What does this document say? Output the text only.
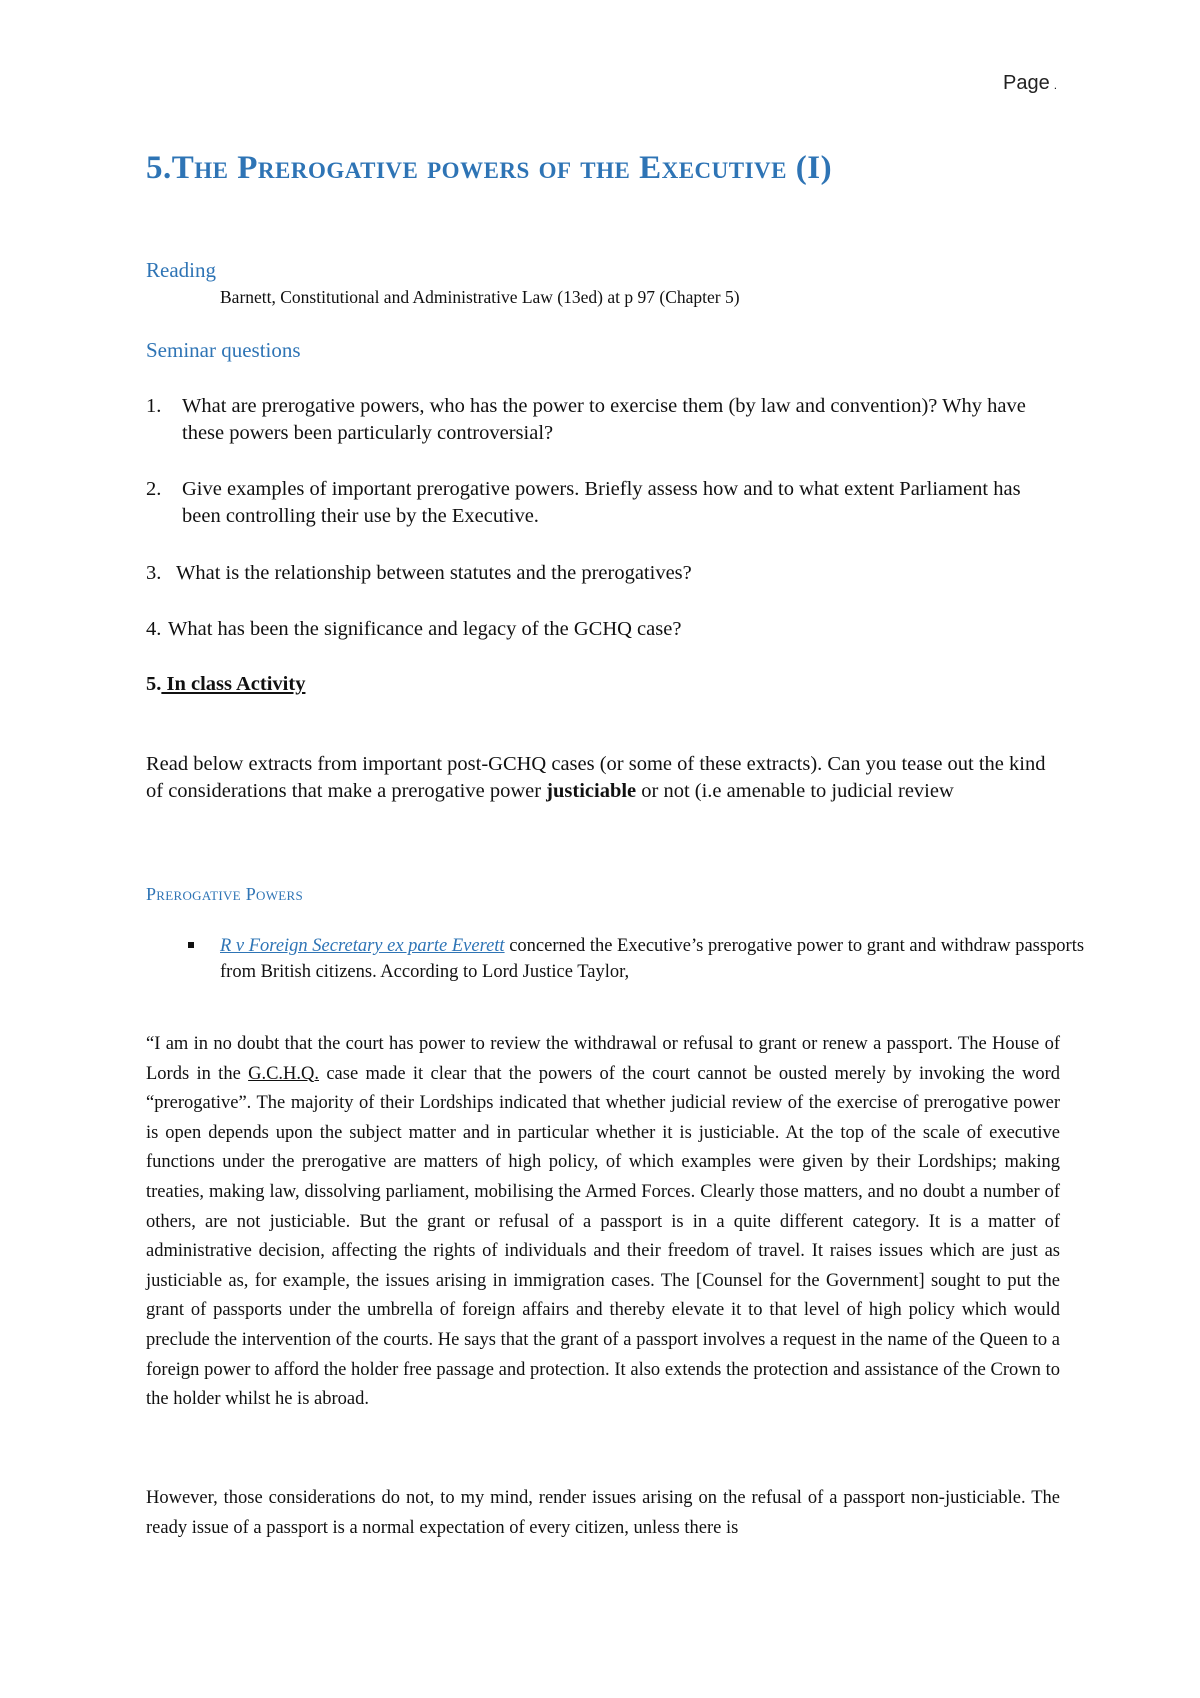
Page .
5.The Prerogative powers of the Executive (I)
Reading
Barnett, Constitutional and Administrative Law (13ed) at p 97 (Chapter 5)
Seminar questions
1.	What are prerogative powers, who has the power to exercise them (by law and convention)? Why have these powers been particularly controversial?
2.	Give examples of important prerogative powers. Briefly assess how and to what extent Parliament has been controlling their use by the Executive.
3. What is the relationship between statutes and the prerogatives?
4. What has been the significance and legacy of the GCHQ case?
5. In class Activity
Read below extracts from important post-GCHQ cases (or some of these extracts). Can you tease out the kind of considerations that make a prerogative power justiciable or not (i.e amenable to judicial review
Prerogative Powers
R v Foreign Secretary ex parte Everett concerned the Executive’s prerogative power to grant and withdraw passports from British citizens. According to Lord Justice Taylor,

“I am in no doubt that the court has power to review the withdrawal or refusal to grant or renew a passport. The House of Lords in the G.C.H.Q. case made it clear that the powers of the court cannot be ousted merely by invoking the word “prerogative”. The majority of their Lordships indicated that whether judicial review of the exercise of prerogative power is open depends upon the subject matter and in particular whether it is justiciable. At the top of the scale of executive functions under the prerogative are matters of high policy, of which examples were given by their Lordships; making treaties, making law, dissolving parliament, mobilising the Armed Forces. Clearly those matters, and no doubt a number of others, are not justiciable. But the grant or refusal of a passport is in a quite different category. It is a matter of administrative decision, affecting the rights of individuals and their freedom of travel. It raises issues which are just as justiciable as, for example, the issues arising in immigration cases. The [Counsel for the Government] sought to put the grant of passports under the umbrella of foreign affairs and thereby elevate it to that level of high policy which would preclude the intervention of the courts. He says that the grant of a passport involves a request in the name of the Queen to a foreign power to afford the holder free passage and protection. It also extends the protection and assistance of the Crown to the holder whilst he is abroad.

However, those considerations do not, to my mind, render issues arising on the refusal of a passport non-justiciable. The ready issue of a passport is a normal expectation of every citizen, unless there is
